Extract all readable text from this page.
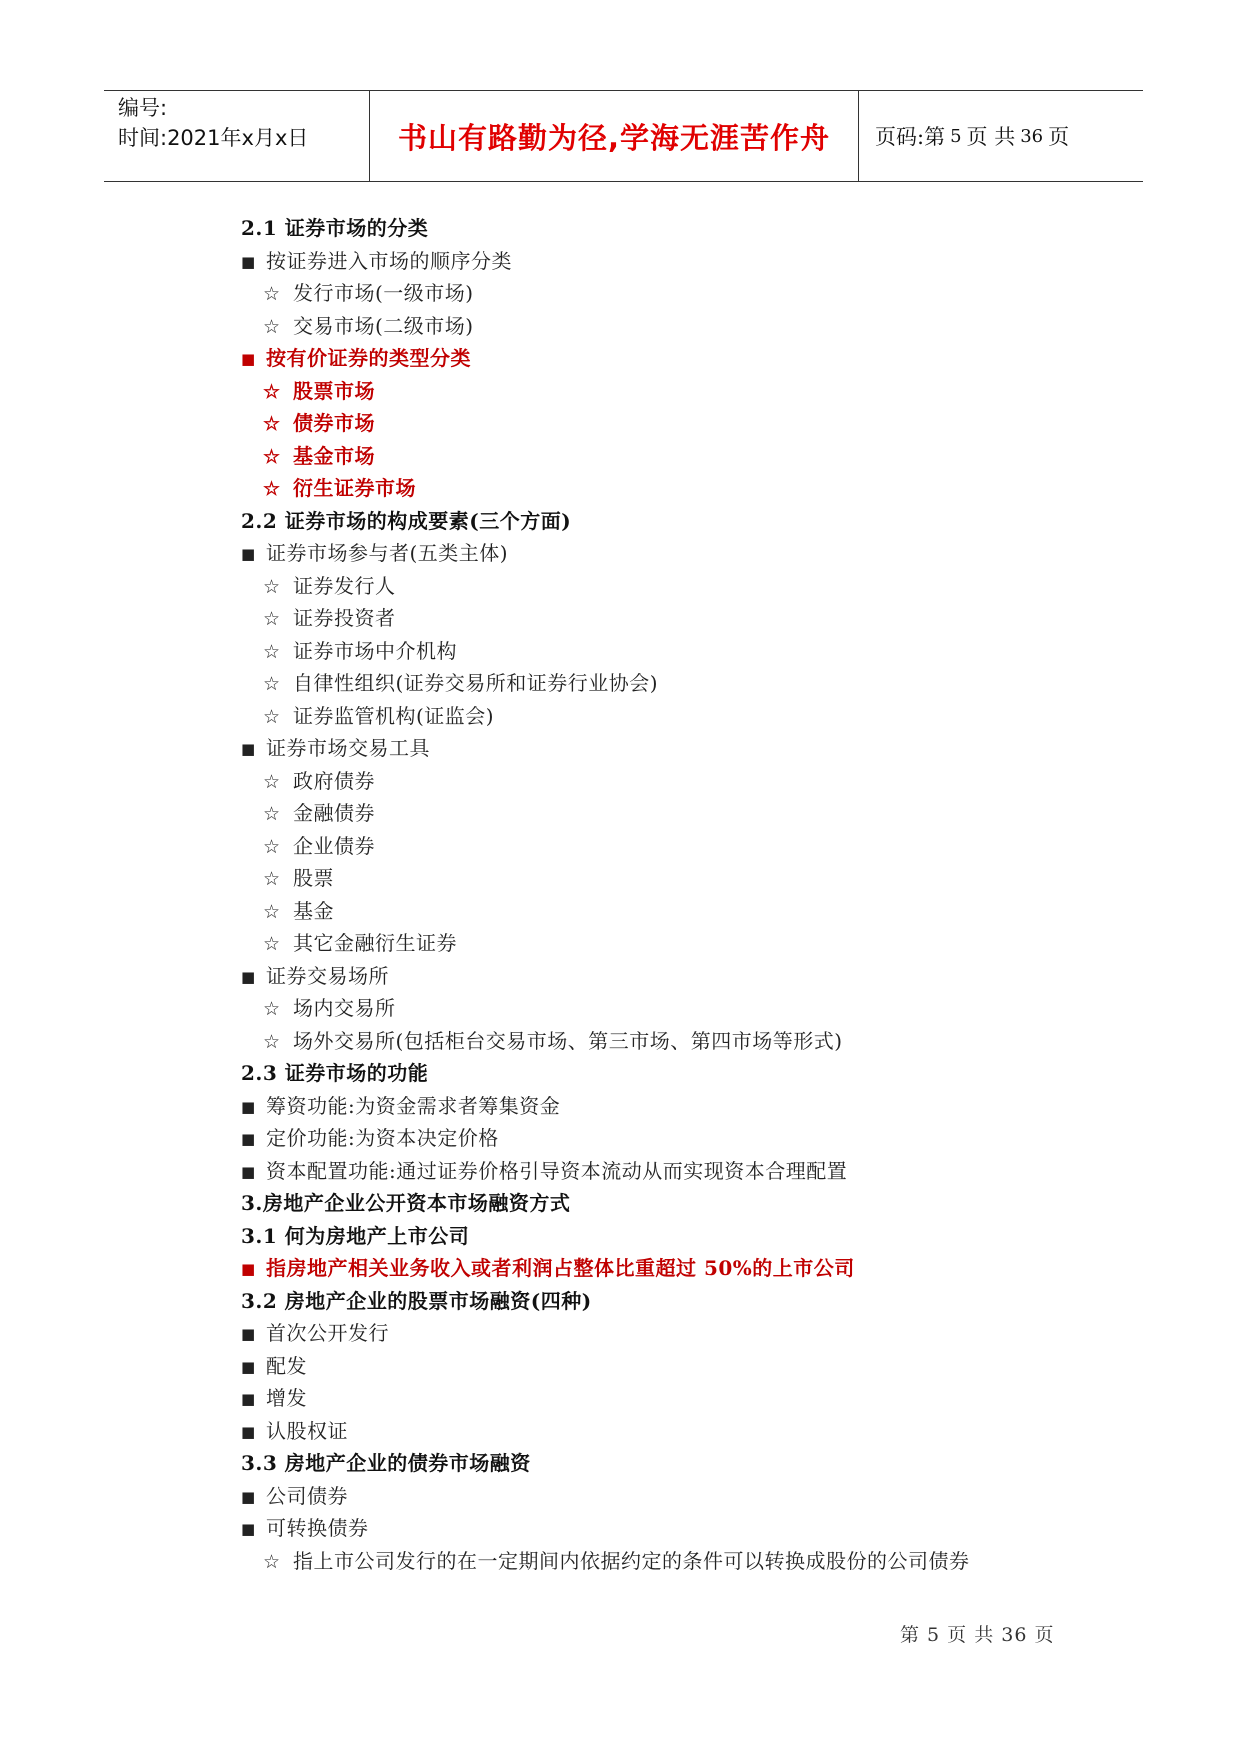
编号:
时间:2021年x月x日	书山有路勤为径,学海无涯苦作舟	页码:第 5 页 共 36 页
2.1 证券市场的分类
■ 按证券进入市场的顺序分类
☆ 发行市场(一级市场)
☆ 交易市场(二级市场)
■ 按有价证券的类型分类
☆ 股票市场
☆ 债券市场
☆ 基金市场
☆ 衍生证券市场
2.2 证券市场的构成要素(三个方面)
■ 证券市场参与者(五类主体)
☆ 证券发行人
☆ 证券投资者
☆ 证券市场中介机构
☆ 自律性组织(证券交易所和证券行业协会)
☆ 证券监管机构(证监会)
■ 证券市场交易工具
☆ 政府债券
☆ 金融债券
☆ 企业债券
☆ 股票
☆ 基金
☆ 其它金融衍生证券
■ 证券交易场所
☆ 场内交易所
☆ 场外交易所(包括柜台交易市场、第三市场、第四市场等形式)
2.3 证券市场的功能
■ 筹资功能:为资金需求者筹集资金
■ 定价功能:为资本决定价格
■ 资本配置功能:通过证券价格引导资本流动从而实现资本合理配置
3.房地产企业公开资本市场融资方式
3.1 何为房地产上市公司
■ 指房地产相关业务收入或者利润占整体比重超过 50%的上市公司
3.2 房地产企业的股票市场融资(四种)
■ 首次公开发行
■ 配发
■ 增发
■ 认股权证
3.3 房地产企业的债券市场融资
■ 公司债券
■ 可转换债券
☆ 指上市公司发行的在一定期间内依据约定的条件可以转换成股份的公司债券
第 5 页 共 36 页
